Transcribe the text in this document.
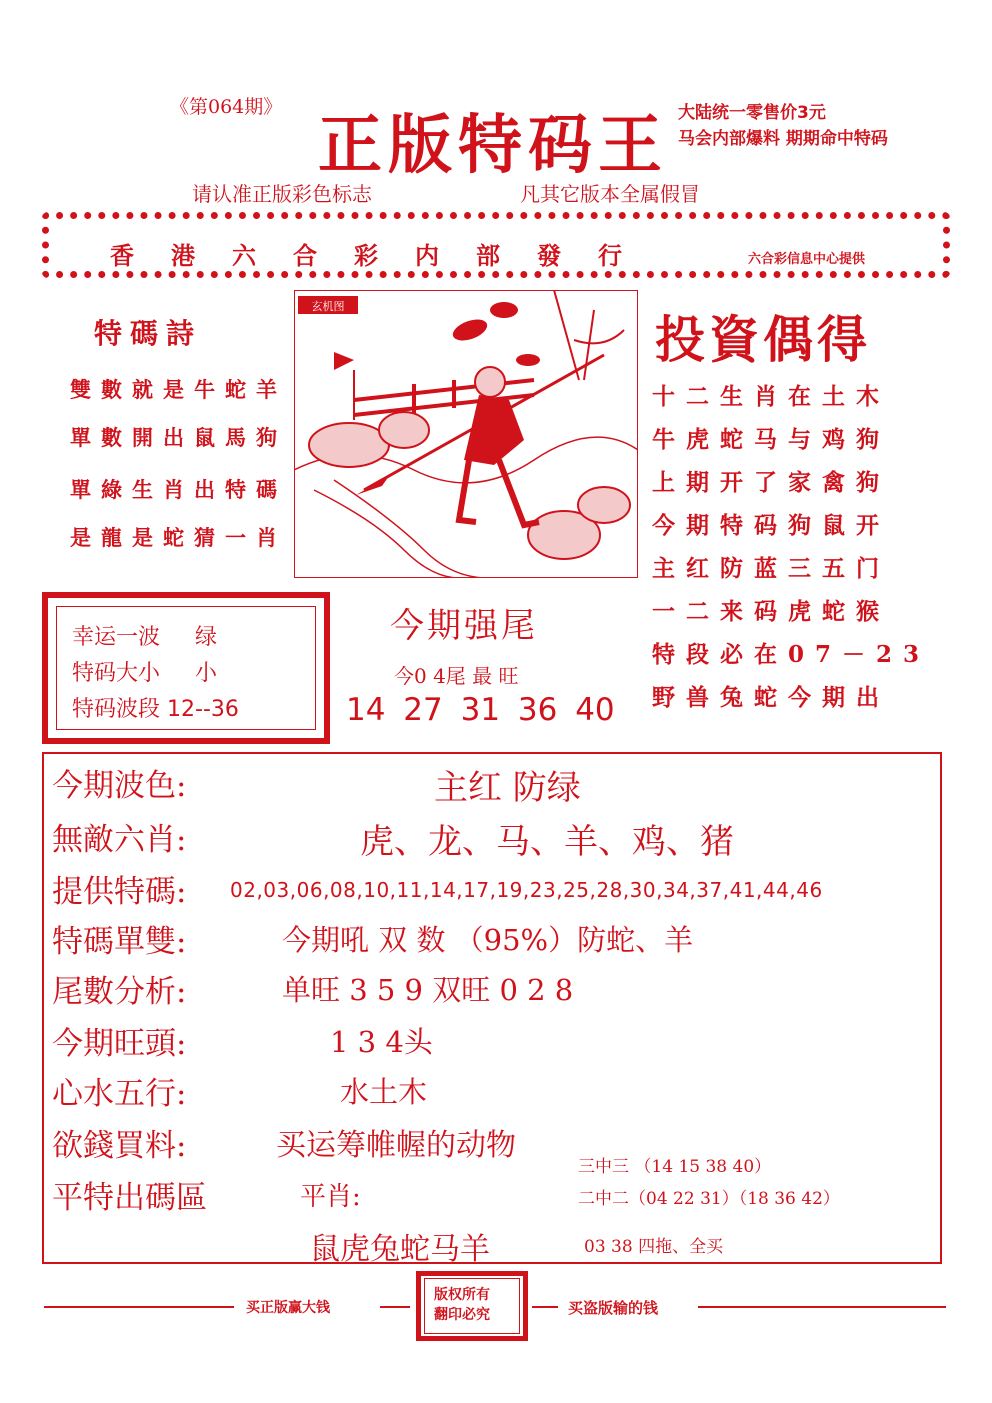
《第064期》
正版特码王 大陆统一零售价3元
马会内部爆料 期期命中特码
请认准正版彩色标志	凡其它版本全属假冒
香港六合彩内部發行	六合彩信息中心提供
特碼詩
雙數就是牛蛇羊
單數開出鼠馬狗
單綠生肖出特碼
是龍是蛇猜一肖
玄机图
投資偶得
十二生肖在土木
牛虎蛇马与鸡狗
上期开了家禽狗
今期特码狗鼠开
主红防蓝三五门
一二来码虎蛇猴
特段必在07－23
野兽兔蛇今期出
幸运一波 绿
特码大小 小
特码波段 12--36
今期强尾
今0 4尾 最 旺
14 27 31 36 40
今期波色:	主红 防绿
無敵六肖:	虎、龙、马、羊、鸡、猪
提供特碼: 02,03,06,08,10,11,14,17,19,23,25,28,30,34,37,41,44,46
特碼單雙:	今期吼 双 数 （95%）防蛇、羊
尾數分析:	单旺 3 5 9 双旺 0 2 8
今期旺頭:	1 3 4头
心水五行:	水土木
欲錢買料:	买运筹帷幄的动物
平特出碼區	平肖:
鼠虎兔蛇马羊
三中三 （14 15 38 40）
二中二（04 22 31）（18 36 42）
03 38 四拖、全买
买正版赢大钱
版权所有
翻印必究	买盗版输的钱
